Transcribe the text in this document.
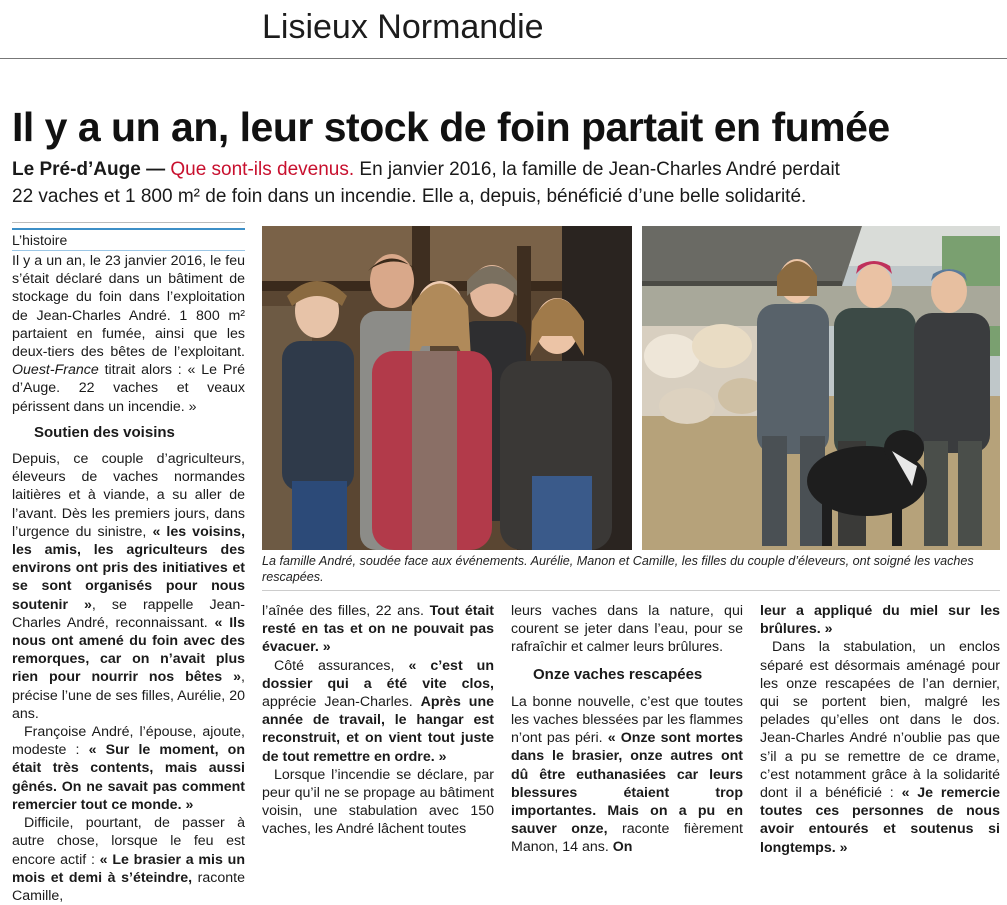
Lisieux Normandie
Il y a un an, leur stock de foin partait en fumée
Le Pré-d’Auge — Que sont-ils devenus. En janvier 2016, la famille de Jean-Charles André perdait
22 vaches et 1 800 m² de foin dans un incendie. Elle a, depuis, bénéficié d’une belle solidarité.
L’histoire

Il y a un an, le 23 janvier 2016, le feu s’était déclaré dans un bâtiment de stockage du foin dans l’exploitation de Jean-Charles André. 1 800 m² partaient en fumée, ainsi que les deux-tiers des bêtes de l’exploitant. Ouest-France titrait alors : « Le Pré d’Auge. 22 vaches et veaux périssent dans un incendie. »

Soutien des voisins

Depuis, ce couple d’agriculteurs, éleveurs de vaches normandes laitières et à viande, a su aller de l’avant. Dès les premiers jours, dans l’urgence du sinistre, « les voisins, les amis, les agriculteurs des environs ont pris des initiatives et se sont organisés pour nous soutenir », se rappelle Jean-Charles André, reconnaissant. « Ils nous ont amené du foin avec des remorques, car on n’avait plus rien pour nourrir nos bêtes », précise l’une de ses filles, Aurélie, 20 ans.

Françoise André, l’épouse, ajoute, modeste : « Sur le moment, on était très contents, mais aussi gênés. On ne savait pas comment remercier tout ce monde. »

Difficile, pourtant, de passer à autre chose, lorsque le feu est encore actif : « Le brasier a mis un mois et demi à s’éteindre, raconte Camille,

La famille André, soudée face aux événements. Aurélie, Manon et Camille, les filles du couple d’éleveurs, ont soigné les vaches rescapées.

l’aînée des filles, 22 ans. Tout était resté en tas et on ne pouvait pas évacuer. »

Côté assurances, « c’est un dossier qui a été vite clos, apprécie Jean-Charles. Après une année de travail, le hangar est reconstruit, et on vient tout juste de tout remettre en ordre. »

Lorsque l’incendie se déclare, par peur qu’il ne se propage au bâtiment voisin, une stabulation avec 150 vaches, les André lâchent toutes

leurs vaches dans la nature, qui courent se jeter dans l’eau, pour se rafraîchir et calmer leurs brûlures.

Onze vaches rescapées

La bonne nouvelle, c’est que toutes les vaches blessées par les flammes n’ont pas péri. « Onze sont mortes dans le brasier, onze autres ont dû être euthanasiées car leurs blessures étaient trop importantes. Mais on a pu en sauver onze, raconte fièrement Manon, 14 ans. On

leur a appliqué du miel sur les brûlures. »

Dans la stabulation, un enclos séparé est désormais aménagé pour les onze rescapées de l’an dernier, qui se portent bien, malgré les pelades qu’elles ont dans le dos. Jean-Charles André n’oublie pas que s’il a pu se remettre de ce drame, c’est notamment grâce à la solidarité dont il a bénéficié : « Je remercie toutes ces personnes de nous avoir entourés et soutenus si longtemps. »
